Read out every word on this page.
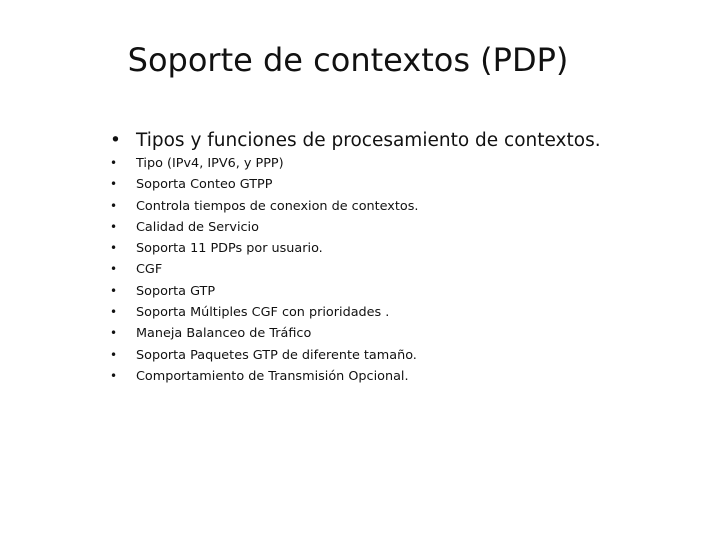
Soporte de contextos (PDP)
• Tipos y funciones de procesamiento de contextos.
• Tipo (IPv4, IPV6, y PPP)
• Soporta Conteo GTPP
• Controla tiempos de conexion de contextos.
• Calidad de Servicio
• Soporta 11 PDPs por usuario.
• CGF
• Soporta GTP
• Soporta Múltiples CGF con prioridades .
• Maneja Balanceo de Tráfico
• Soporta Paquetes GTP de diferente tamaño.
• Comportamiento de Transmisión Opcional.
